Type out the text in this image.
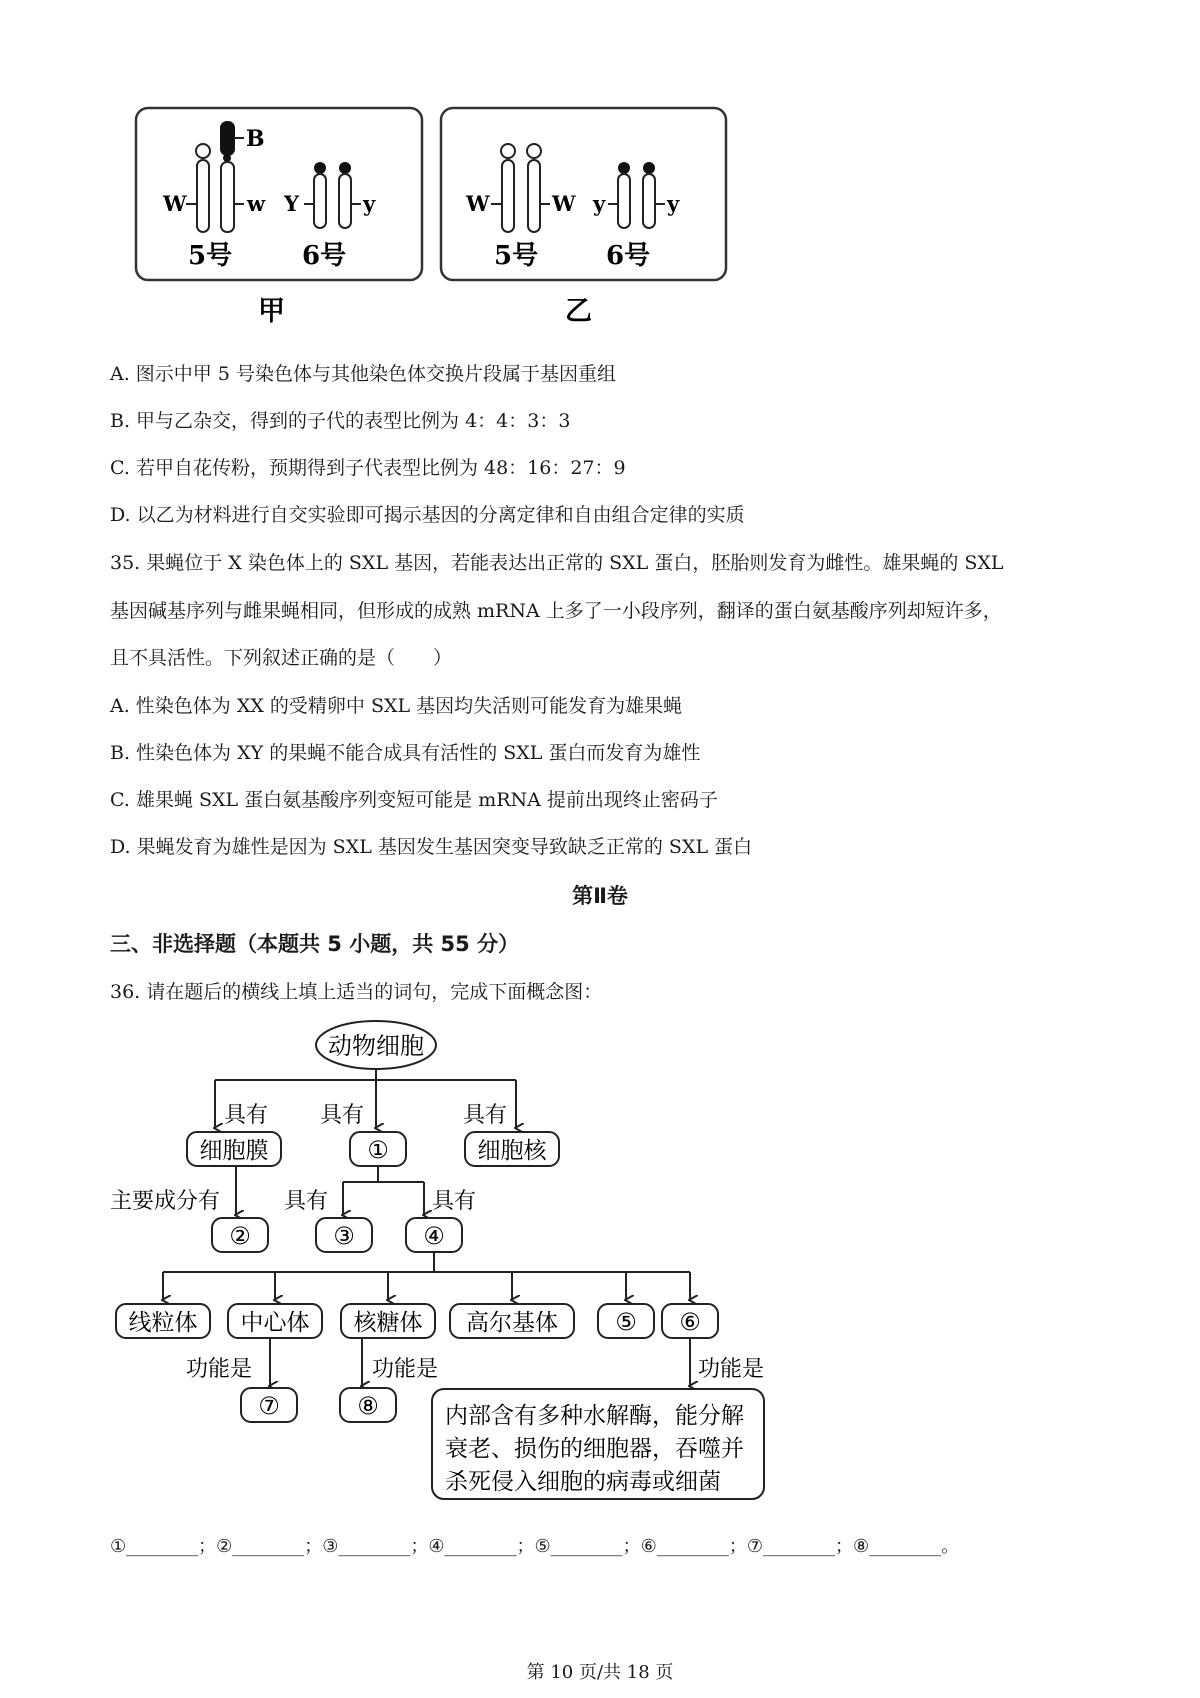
B
W	w Y	y
5号	6号
甲
W	W y	y
5号	6号
乙
A. 图示中甲 5 号染色体与其他染色体交换片段属于基因重组
B. 甲与乙杂交，得到的子代的表型比例为 4：4：3：3
C. 若甲自花传粉，预期得到子代表型比例为 48：16：27：9
D. 以乙为材料进行自交实验即可揭示基因的分离定律和自由组合定律的实质
35. 果蝇位于 X 染色体上的 SXL 基因，若能表达出正常的 SXL 蛋白，胚胎则发育为雌性。雄果蝇的 SXL
基因碱基序列与雌果蝇相同，但形成的成熟 mRNA 上多了一小段序列，翻译的蛋白氨基酸序列却短许多，
且不具活性。下列叙述正确的是（　　）
A. 性染色体为 XX 的受精卵中 SXL 基因均失活则可能发育为雄果蝇
B. 性染色体为 XY 的果蝇不能合成具有活性的 SXL 蛋白而发育为雄性
C. 雄果蝇 SXL 蛋白氨基酸序列变短可能是 mRNA 提前出现终止密码子
D. 果蝇发育为雄性是因为 SXL 基因发生基因突变导致缺乏正常的 SXL 蛋白
第Ⅱ卷
三、非选择题（本题共 5 小题，共 55 分）
36. 请在题后的横线上填上适当的词句，完成下面概念图：
动物细胞
具有 具有	具有
细胞膜	①	细胞核
主要成分有	具有	具有
②	③	④
线粒体 中心体 核糖体 高尔基体 ⑤ ⑥
功能是	功能是	功能是
⑦	⑧	内部含有多种水解酶，能分解
衰老、损伤的细胞器，吞噬并
杀死侵入细胞的病毒或细菌
①________；②________；③________；④________；⑤________；⑥________；⑦________；⑧________。
第 10 页/共 18 页
